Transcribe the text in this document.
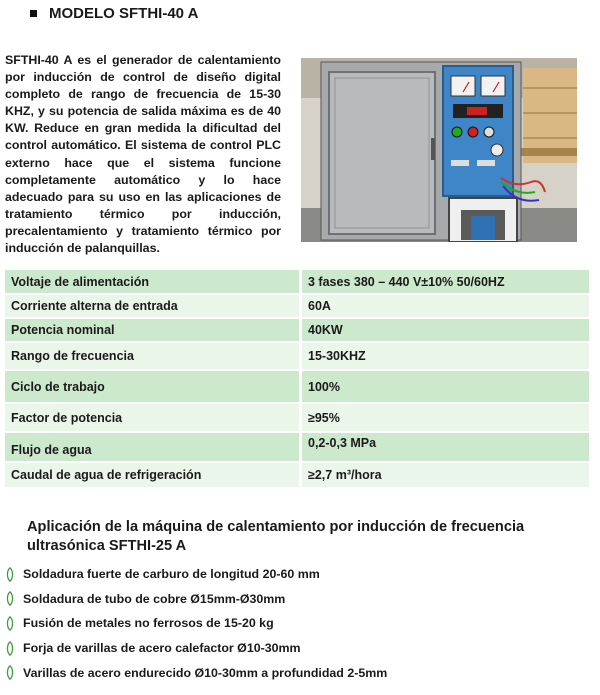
MODELO SFTHI-40 A
SFTHI-40 A es el generador de calentamiento por inducción de control de diseño digital completo de rango de frecuencia de 15-30 KHZ, y su potencia de salida máxima es de 40 KW. Reduce en gran medida la dificultad del control automático. El sistema de control PLC externo hace que el sistema funcione completamente automático y lo hace adecuado para su uso en las aplicaciones de tratamiento térmico por inducción, precalentamiento y tratamiento térmico por inducción de palanquillas.
Voltaje de alimentación	3 fases 380 – 440 V±10% 50/60HZ
Corriente alterna de entrada	60A
Potencia nominal	40KW
Rango de frecuencia	15-30KHZ
Ciclo de trabajo	100%
Factor de potencia	≥95%
Flujo de agua	0,2-0,3 MPa
Caudal de agua de refrigeración	≥2,7 m³/hora
Aplicación de la máquina de calentamiento por inducción de frecuencia ultrasónica SFTHI-25 A
Soldadura fuerte de carburo de longitud 20-60 mm
Soldadura de tubo de cobre Ø15mm-Ø30mm
Fusión de metales no ferrosos de 15-20 kg
Forja de varillas de acero calefactor Ø10-30mm
Varillas de acero endurecido Ø10-30mm a profundidad 2-5mm
